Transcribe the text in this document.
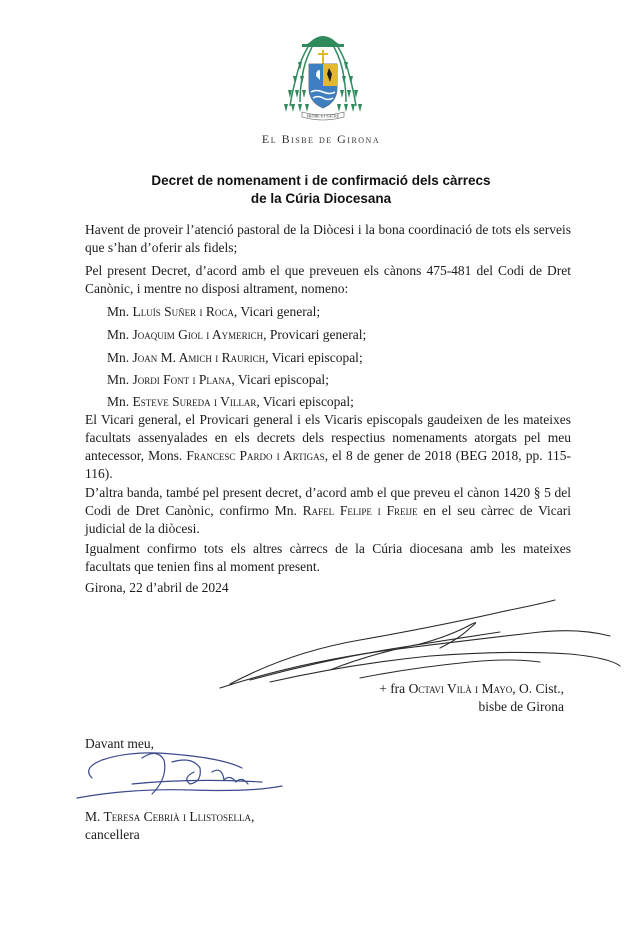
PROBE ET SACRE
El Bisbe de Girona
Decret de nomenament i de confirmació dels càrrecs
de la Cúria Diocesana
Havent de proveir l’atenció pastoral de la Diòcesi i la bona coordinació de tots els serveis que s’han d’oferir als fidels;
Pel present Decret, d’acord amb el que preveuen els cànons 475-481 del Codi de Dret Canònic, i mentre no disposi altrament, nomeno:
Mn. Lluís Suñer i Roca, Vicari general;
Mn. Joaquim Giol i Aymerich, Provicari general;
Mn. Joan M. Amich i Raurich, Vicari episcopal;
Mn. Jordi Font i Plana, Vicari episcopal;
Mn. Esteve Sureda i Villar, Vicari episcopal;
El Vicari general, el Provicari general i els Vicaris episcopals gaudeixen de les mateixes facultats assenyalades en els decrets dels respectius nomenaments atorgats pel meu antecessor, Mons. Francesc Pardo i Artigas, el 8 de gener de 2018 (BEG 2018, pp. 115-116).
D’altra banda, també pel present decret, d’acord amb el que preveu el cànon 1420 § 5 del Codi de Dret Canònic, confirmo Mn. Rafel Felipe i Freije en el seu càrrec de Vicari judicial de la diòcesi.
Igualment confirmo tots els altres càrrecs de la Cúria diocesana amb les mateixes facultats que tenien fins al moment present.
Girona, 22 d’abril de 2024
+ fra Octavi Vilà i Mayo, O. Cist.,
bisbe de Girona
Davant meu,
M. Teresa Cebrià i Llistosella,
cancellera
